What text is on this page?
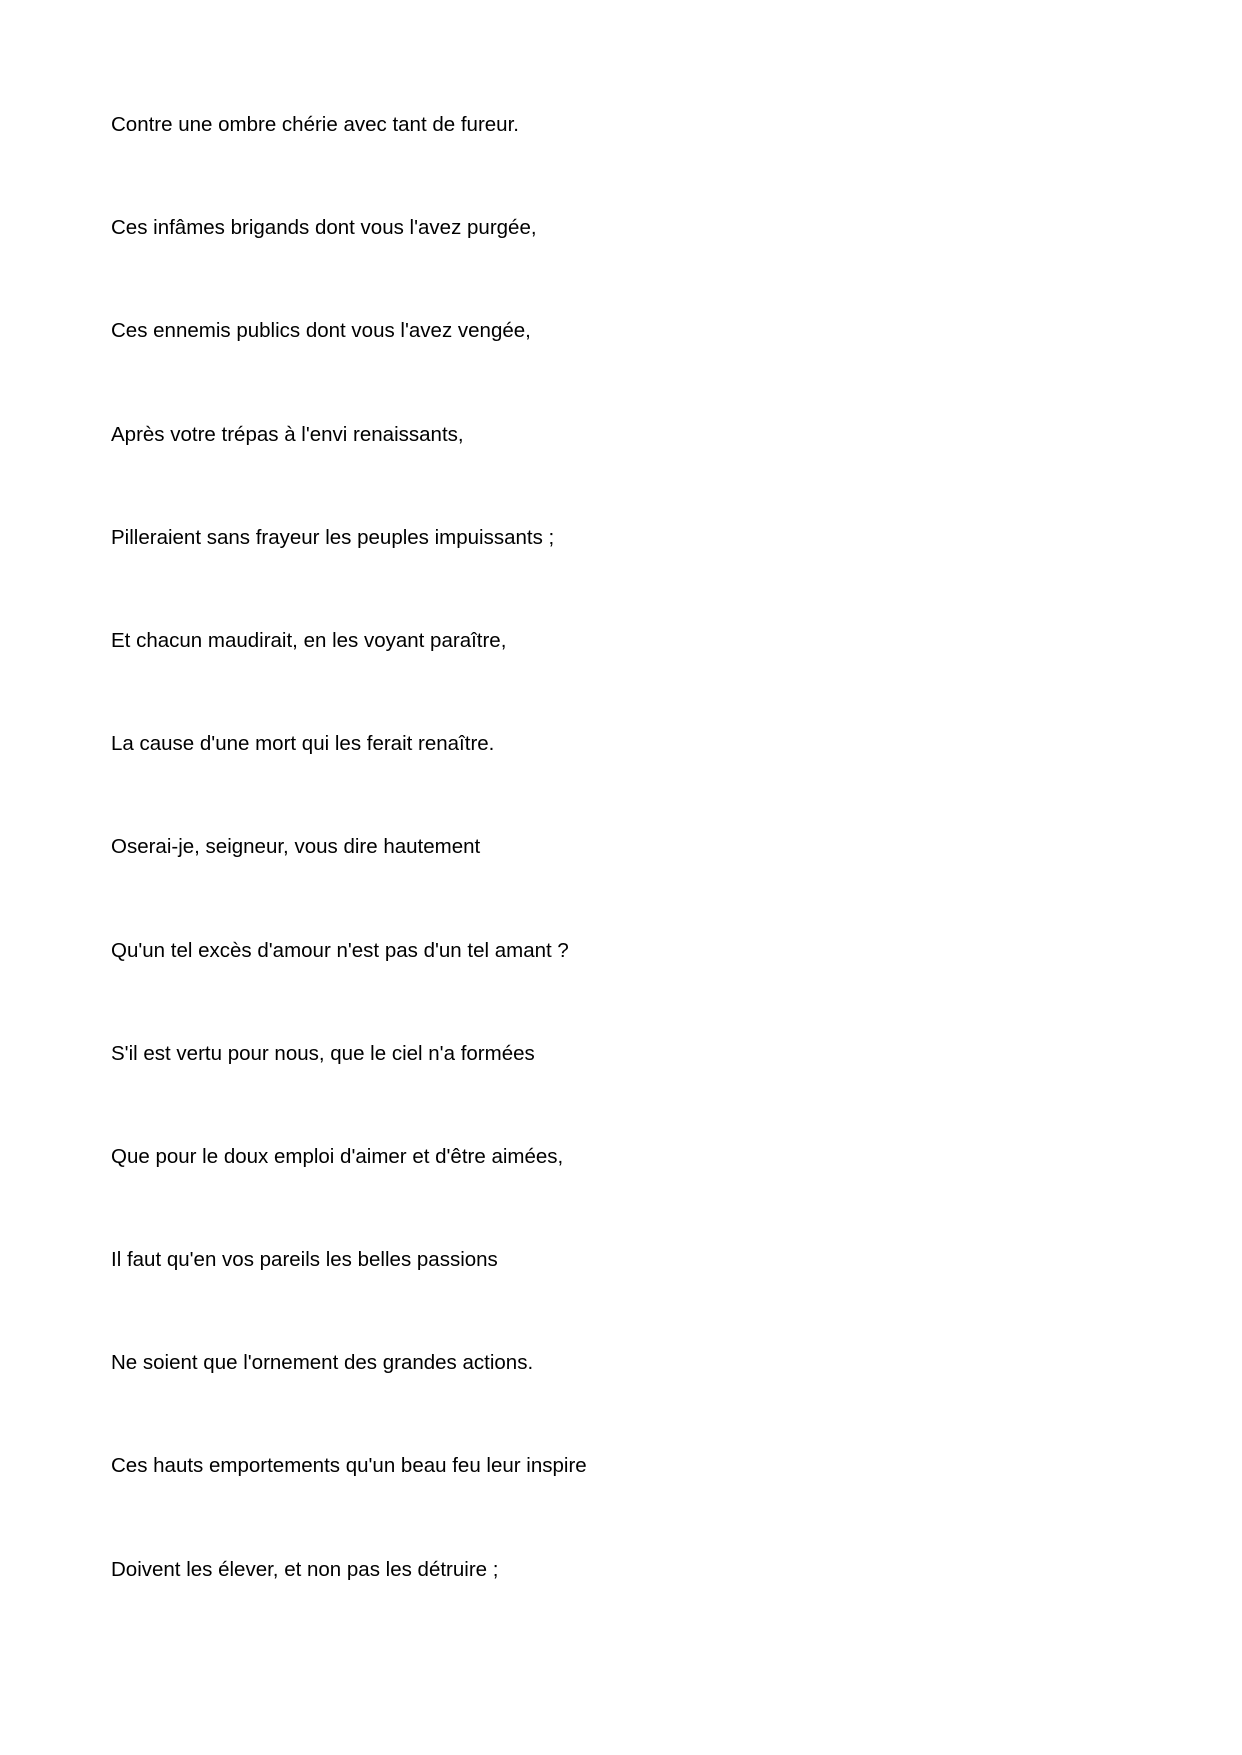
Contre une ombre chérie avec tant de fureur.
Ces infâmes brigands dont vous l'avez purgée,
Ces ennemis publics dont vous l'avez vengée,
Après votre trépas à l'envi renaissants,
Pilleraient sans frayeur les peuples impuissants ;
Et chacun maudirait, en les voyant paraître,
La cause d'une mort qui les ferait renaître.
Oserai-je, seigneur, vous dire hautement
Qu'un tel excès d'amour n'est pas d'un tel amant ?
S'il est vertu pour nous, que le ciel n'a formées
Que pour le doux emploi d'aimer et d'être aimées,
Il faut qu'en vos pareils les belles passions
Ne soient que l'ornement des grandes actions.
Ces hauts emportements qu'un beau feu leur inspire
Doivent les élever, et non pas les détruire ;
